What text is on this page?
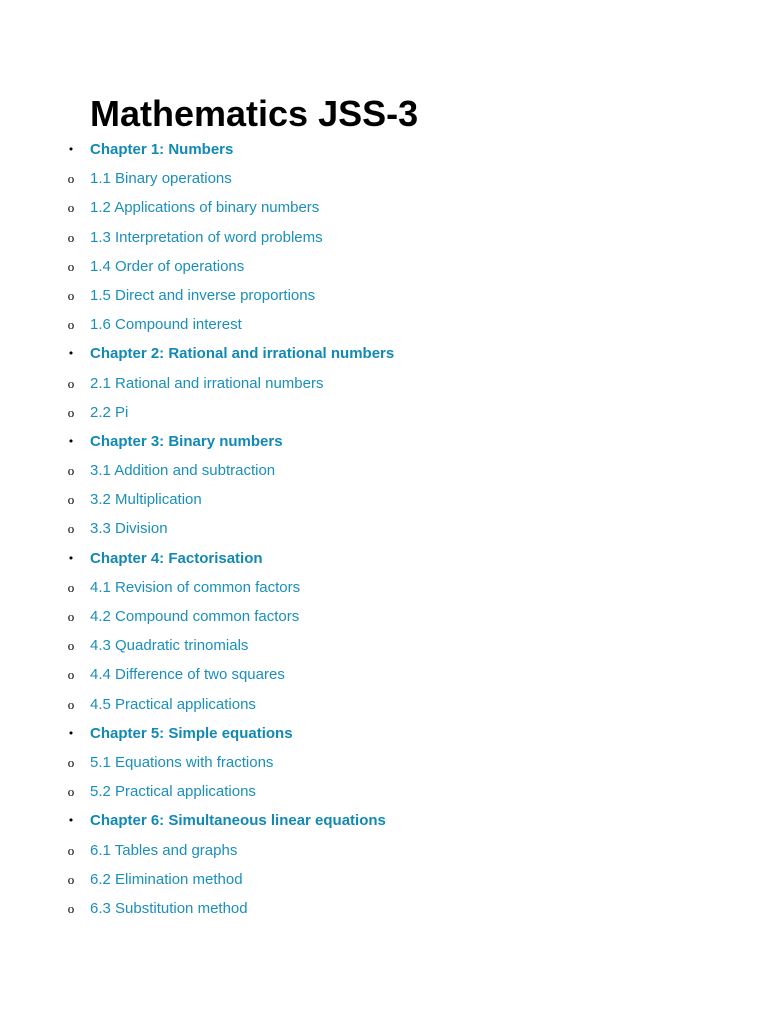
Mathematics JSS-3
• Chapter 1: Numbers
o 1.1 Binary operations
o 1.2 Applications of binary numbers
o 1.3 Interpretation of word problems
o 1.4 Order of operations
o 1.5 Direct and inverse proportions
o 1.6 Compound interest
• Chapter 2: Rational and irrational numbers
o 2.1 Rational and irrational numbers
o 2.2 Pi
• Chapter 3: Binary numbers
o 3.1 Addition and subtraction
o 3.2 Multiplication
o 3.3 Division
• Chapter 4: Factorisation
o 4.1 Revision of common factors
o 4.2 Compound common factors
o 4.3 Quadratic trinomials
o 4.4 Difference of two squares
o 4.5 Practical applications
• Chapter 5: Simple equations
o 5.1 Equations with fractions
o 5.2 Practical applications
• Chapter 6: Simultaneous linear equations
o 6.1 Tables and graphs
o 6.2 Elimination method
o 6.3 Substitution method
